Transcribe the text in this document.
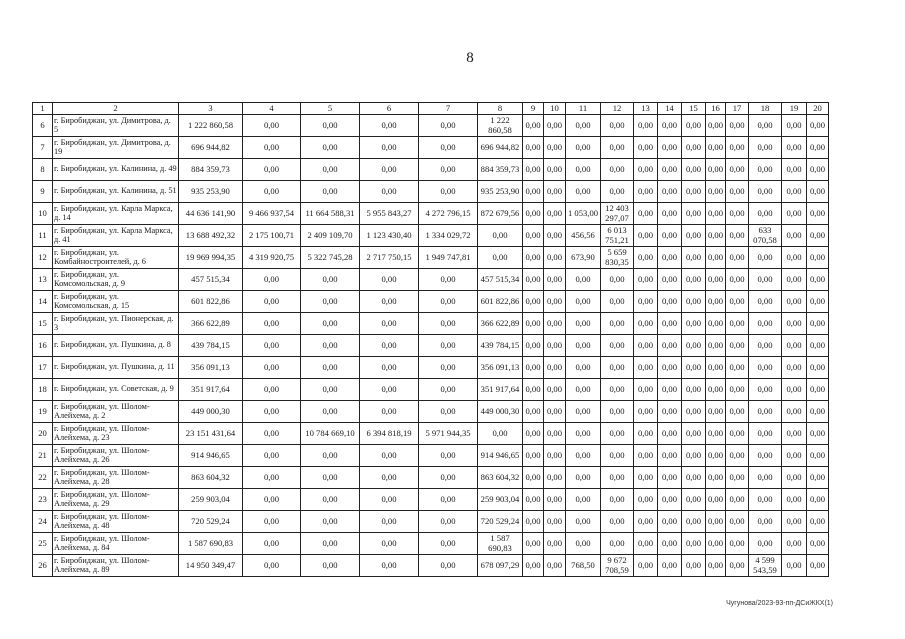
8
1	2	3	4	5	6	7	8	9	10	11	12	13	14	15	16	17	18	19	20
6	г. Биробиджан, ул. Димитрова, д. 5	1 222 860,58	0,00	0,00	0,00	0,00	1 222 860,58	0,00	0,00	0,00	0,00	0,00	0,00	0,00	0,00	0,00	0,00	0,00	0,00
7	г. Биробиджан, ул. Димитрова, д. 19	696 944,82	0,00	0,00	0,00	0,00	696 944,82	0,00	0,00	0,00	0,00	0,00	0,00	0,00	0,00	0,00	0,00	0,00	0,00
8	г. Биробиджан, ул. Калинина, д. 49	884 359,73	0,00	0,00	0,00	0,00	884 359,73	0,00	0,00	0,00	0,00	0,00	0,00	0,00	0,00	0,00	0,00	0,00	0,00
9	г. Биробиджан, ул. Калинина, д. 51	935 253,90	0,00	0,00	0,00	0,00	935 253,90	0,00	0,00	0,00	0,00	0,00	0,00	0,00	0,00	0,00	0,00	0,00	0,00
10	г. Биробиджан, ул. Карла Маркса, д. 14	44 636 141,90	9 466 937,54	11 664 588,31	5 955 843,27	4 272 796,15	872 679,56	0,00	0,00	1 053,00	12 403 297,07	0,00	0,00	0,00	0,00	0,00	0,00	0,00	0,00
11	г. Биробиджан, ул. Карла Маркса, д. 41	13 688 492,32	2 175 100,71	2 409 109,70	1 123 430,40	1 334 029,72	0,00	0,00	0,00	456,56	6 013 751,21	0,00	0,00	0,00	0,00	0,00	633 070,58	0,00	0,00
12	г. Биробиджан, ул. Комбайностроителей, д. 6	19 969 994,35	4 319 920,75	5 322 745,28	2 717 750,15	1 949 747,81	0,00	0,00	0,00	673,90	5 659 830,35	0,00	0,00	0,00	0,00	0,00	0,00	0,00	0,00
13	г. Биробиджан, ул. Комсомольская, д. 9	457 515,34	0,00	0,00	0,00	0,00	457 515,34	0,00	0,00	0,00	0,00	0,00	0,00	0,00	0,00	0,00	0,00	0,00	0,00
14	г. Биробиджан, ул. Комсомольская, д. 15	601 822,86	0,00	0,00	0,00	0,00	601 822,86	0,00	0,00	0,00	0,00	0,00	0,00	0,00	0,00	0,00	0,00	0,00	0,00
15	г. Биробиджан, ул. Пионерская, д. 3	366 622,89	0,00	0,00	0,00	0,00	366 622,89	0,00	0,00	0,00	0,00	0,00	0,00	0,00	0,00	0,00	0,00	0,00	0,00
16	г. Биробиджан, ул. Пушкина, д. 8	439 784,15	0,00	0,00	0,00	0,00	439 784,15	0,00	0,00	0,00	0,00	0,00	0,00	0,00	0,00	0,00	0,00	0,00	0,00
17	г. Биробиджан, ул. Пушкина, д. 11	356 091,13	0,00	0,00	0,00	0,00	356 091,13	0,00	0,00	0,00	0,00	0,00	0,00	0,00	0,00	0,00	0,00	0,00	0,00
18	г. Биробиджан, ул. Советская, д. 9	351 917,64	0,00	0,00	0,00	0,00	351 917,64	0,00	0,00	0,00	0,00	0,00	0,00	0,00	0,00	0,00	0,00	0,00	0,00
19	г. Биробиджан, ул. Шолом-Алейхема, д. 2	449 000,30	0,00	0,00	0,00	0,00	449 000,30	0,00	0,00	0,00	0,00	0,00	0,00	0,00	0,00	0,00	0,00	0,00	0,00
20	г. Биробиджан, ул. Шолом-Алейхема, д. 23	23 151 431,64	0,00	10 784 669,10	6 394 818,19	5 971 944,35	0,00	0,00	0,00	0,00	0,00	0,00	0,00	0,00	0,00	0,00	0,00	0,00	0,00
21	г. Биробиджан, ул. Шолом-Алейхема, д. 26	914 946,65	0,00	0,00	0,00	0,00	914 946,65	0,00	0,00	0,00	0,00	0,00	0,00	0,00	0,00	0,00	0,00	0,00	0,00
22	г. Биробиджан, ул. Шолом-Алейхема, д. 28	863 604,32	0,00	0,00	0,00	0,00	863 604,32	0,00	0,00	0,00	0,00	0,00	0,00	0,00	0,00	0,00	0,00	0,00	0,00
23	г. Биробиджан, ул. Шолом-Алейхема, д. 29	259 903,04	0,00	0,00	0,00	0,00	259 903,04	0,00	0,00	0,00	0,00	0,00	0,00	0,00	0,00	0,00	0,00	0,00	0,00
24	г. Биробиджан, ул. Шолом-Алейхема, д. 48	720 529,24	0,00	0,00	0,00	0,00	720 529,24	0,00	0,00	0,00	0,00	0,00	0,00	0,00	0,00	0,00	0,00	0,00	0,00
25	г. Биробиджан, ул. Шолом-Алейхема, д. 84	1 587 690,83	0,00	0,00	0,00	0,00	1 587 690,83	0,00	0,00	0,00	0,00	0,00	0,00	0,00	0,00	0,00	0,00	0,00	0,00
26	г. Биробиджан, ул. Шолом-Алейхема, д. 89	14 950 349,47	0,00	0,00	0,00	0,00	678 097,29	0,00	0,00	768,50	9 672 708,59	0,00	0,00	0,00	0,00	0,00	4 599 543,59	0,00	0,00
Чугунова/2023-93-пп-ДСиЖКХ(1)
